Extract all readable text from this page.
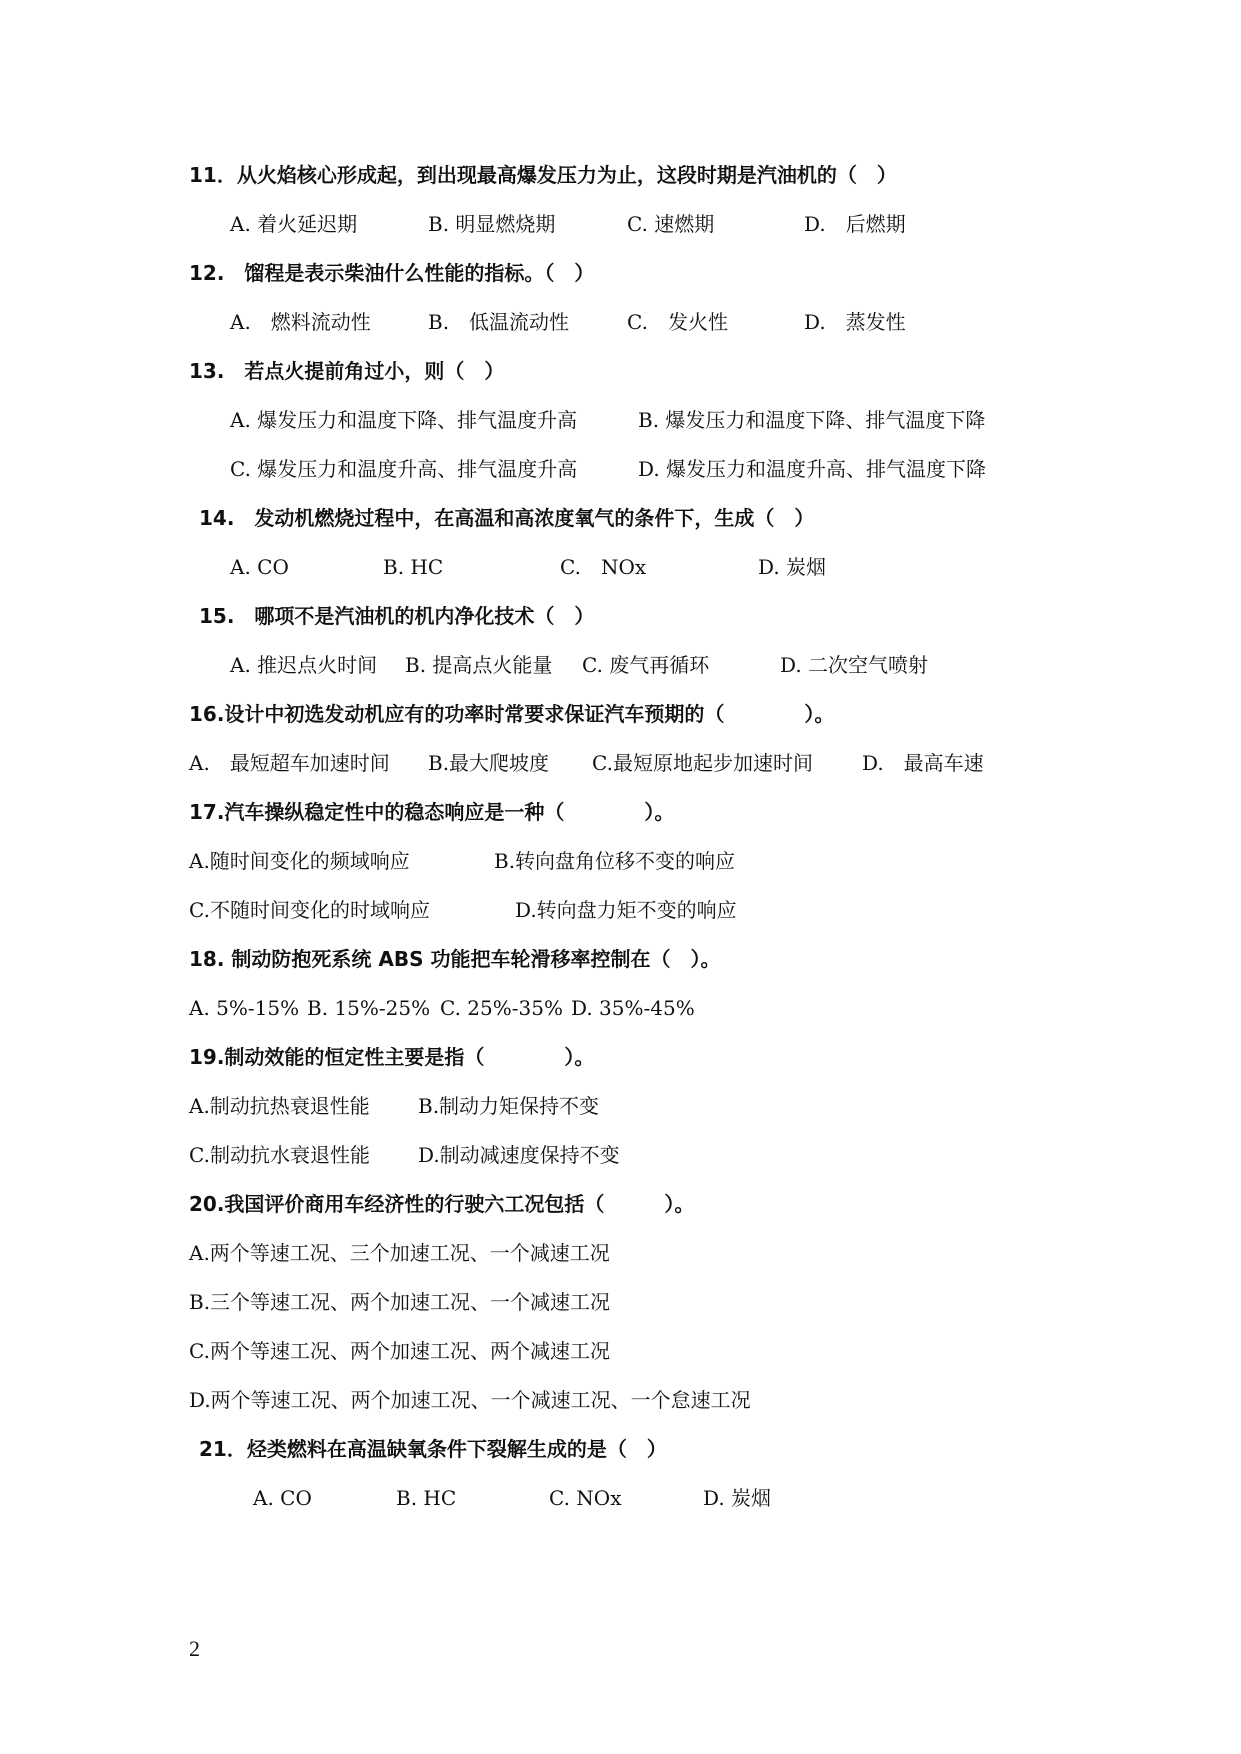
11．从火焰核心形成起，到出现最高爆发压力为止，这段时期是汽油机的（　）
A. 着火延迟期	B. 明显燃烧期	C. 速燃期	D.　后燃期
12.　馏程是表示柴油什么性能的指标。（　）
A.　燃料流动性	B.　低温流动性	C.　发火性	D.　蒸发性
13.　若点火提前角过小，则（　）
A. 爆发压力和温度下降、排气温度升高	B. 爆发压力和温度下降、排气温度下降
C. 爆发压力和温度升高、排气温度升高	D. 爆发压力和温度升高、排气温度下降
14.　发动机燃烧过程中，在高温和高浓度氧气的条件下，生成（　）
A. CO	B. HC	C.　NOx	D. 炭烟
15.　哪项不是汽油机的机内净化技术（　）
A. 推迟点火时间 B. 提高点火能量 C. 废气再循环	D. 二次空气喷射
16.设计中初选发动机应有的功率时常要求保证汽车预期的（　　　　）。
A.　最短超车加速时间 B.最大爬坡度 C.最短原地起步加速时间 D.　最高车速
17.汽车操纵稳定性中的稳态响应是一种（　　　　）。
A.随时间变化的频域响应	B.转向盘角位移不变的响应
C.不随时间变化的时域响应	D.转向盘力矩不变的响应
18. 制动防抱死系统 ABS 功能把车轮滑移率控制在（　）。
A. 5%-15% B. 15%-25% C. 25%-35% D. 35%-45%
19.制动效能的恒定性主要是指（　　　　）。
A.制动抗热衰退性能 B.制动力矩保持不变
C.制动抗水衰退性能 D.制动减速度保持不变
20.我国评价商用车经济性的行驶六工况包括（　　　）。
A.两个等速工况、三个加速工况、一个减速工况
B.三个等速工况、两个加速工况、一个减速工况
C.两个等速工况、两个加速工况、两个减速工况
D.两个等速工况、两个加速工况、一个减速工况、一个怠速工况
21．烃类燃料在高温缺氧条件下裂解生成的是（　）
A. CO	B. HC	C. NOx	D. 炭烟
2
